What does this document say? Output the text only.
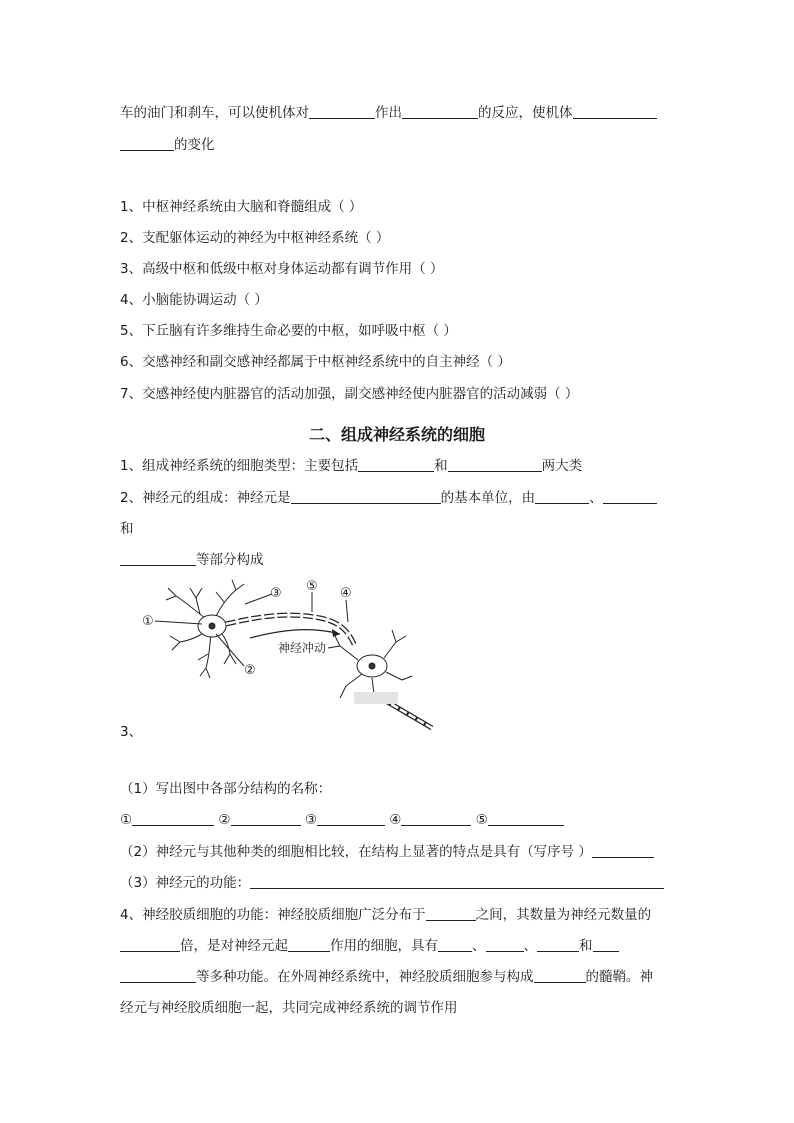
车的油门和刹车，可以使机体对	作出	的反应，使机体
的变化
1、中枢神经系统由大脑和脊髓组成（ ）
2、支配躯体运动的神经为中枢神经系统（ ）
3、高级中枢和低级中枢对身体运动都有调节作用（ ）
4、小脑能协调运动（ ）
5、下丘脑有许多维持生命必要的中枢，如呼吸中枢（ ）
6、交感神经和副交感神经都属于中枢神经系统中的自主神经（ ）
7、交感神经使内脏器官的活动加强，副交感神经使内脏器官的活动减弱（ ）
二、组成神经系统的细胞
1、组成神经系统的细胞类型：主要包括	和	两大类
2、神经元的组成：神经元是	的基本单位，由	、
和
等部分构成
神经冲动
①
②
③ ⑤ ④
3、
（1）写出图中各部分结构的名称：
①	②	③	④	⑤
（2）神经元与其他种类的细胞相比较，在结构上显著的特点是具有（写序号 ）
（3）神经元的功能：
4、神经胶质细胞的功能：神经胶质细胞广泛分布于	之间，其数量为神经元数量的
倍，是对神经元起	作用的细胞，具有	、	、	和
等多种功能。在外周神经系统中，神经胶质细胞参与构成	的髓鞘。神
经元与神经胶质细胞一起，共同完成神经系统的调节作用
